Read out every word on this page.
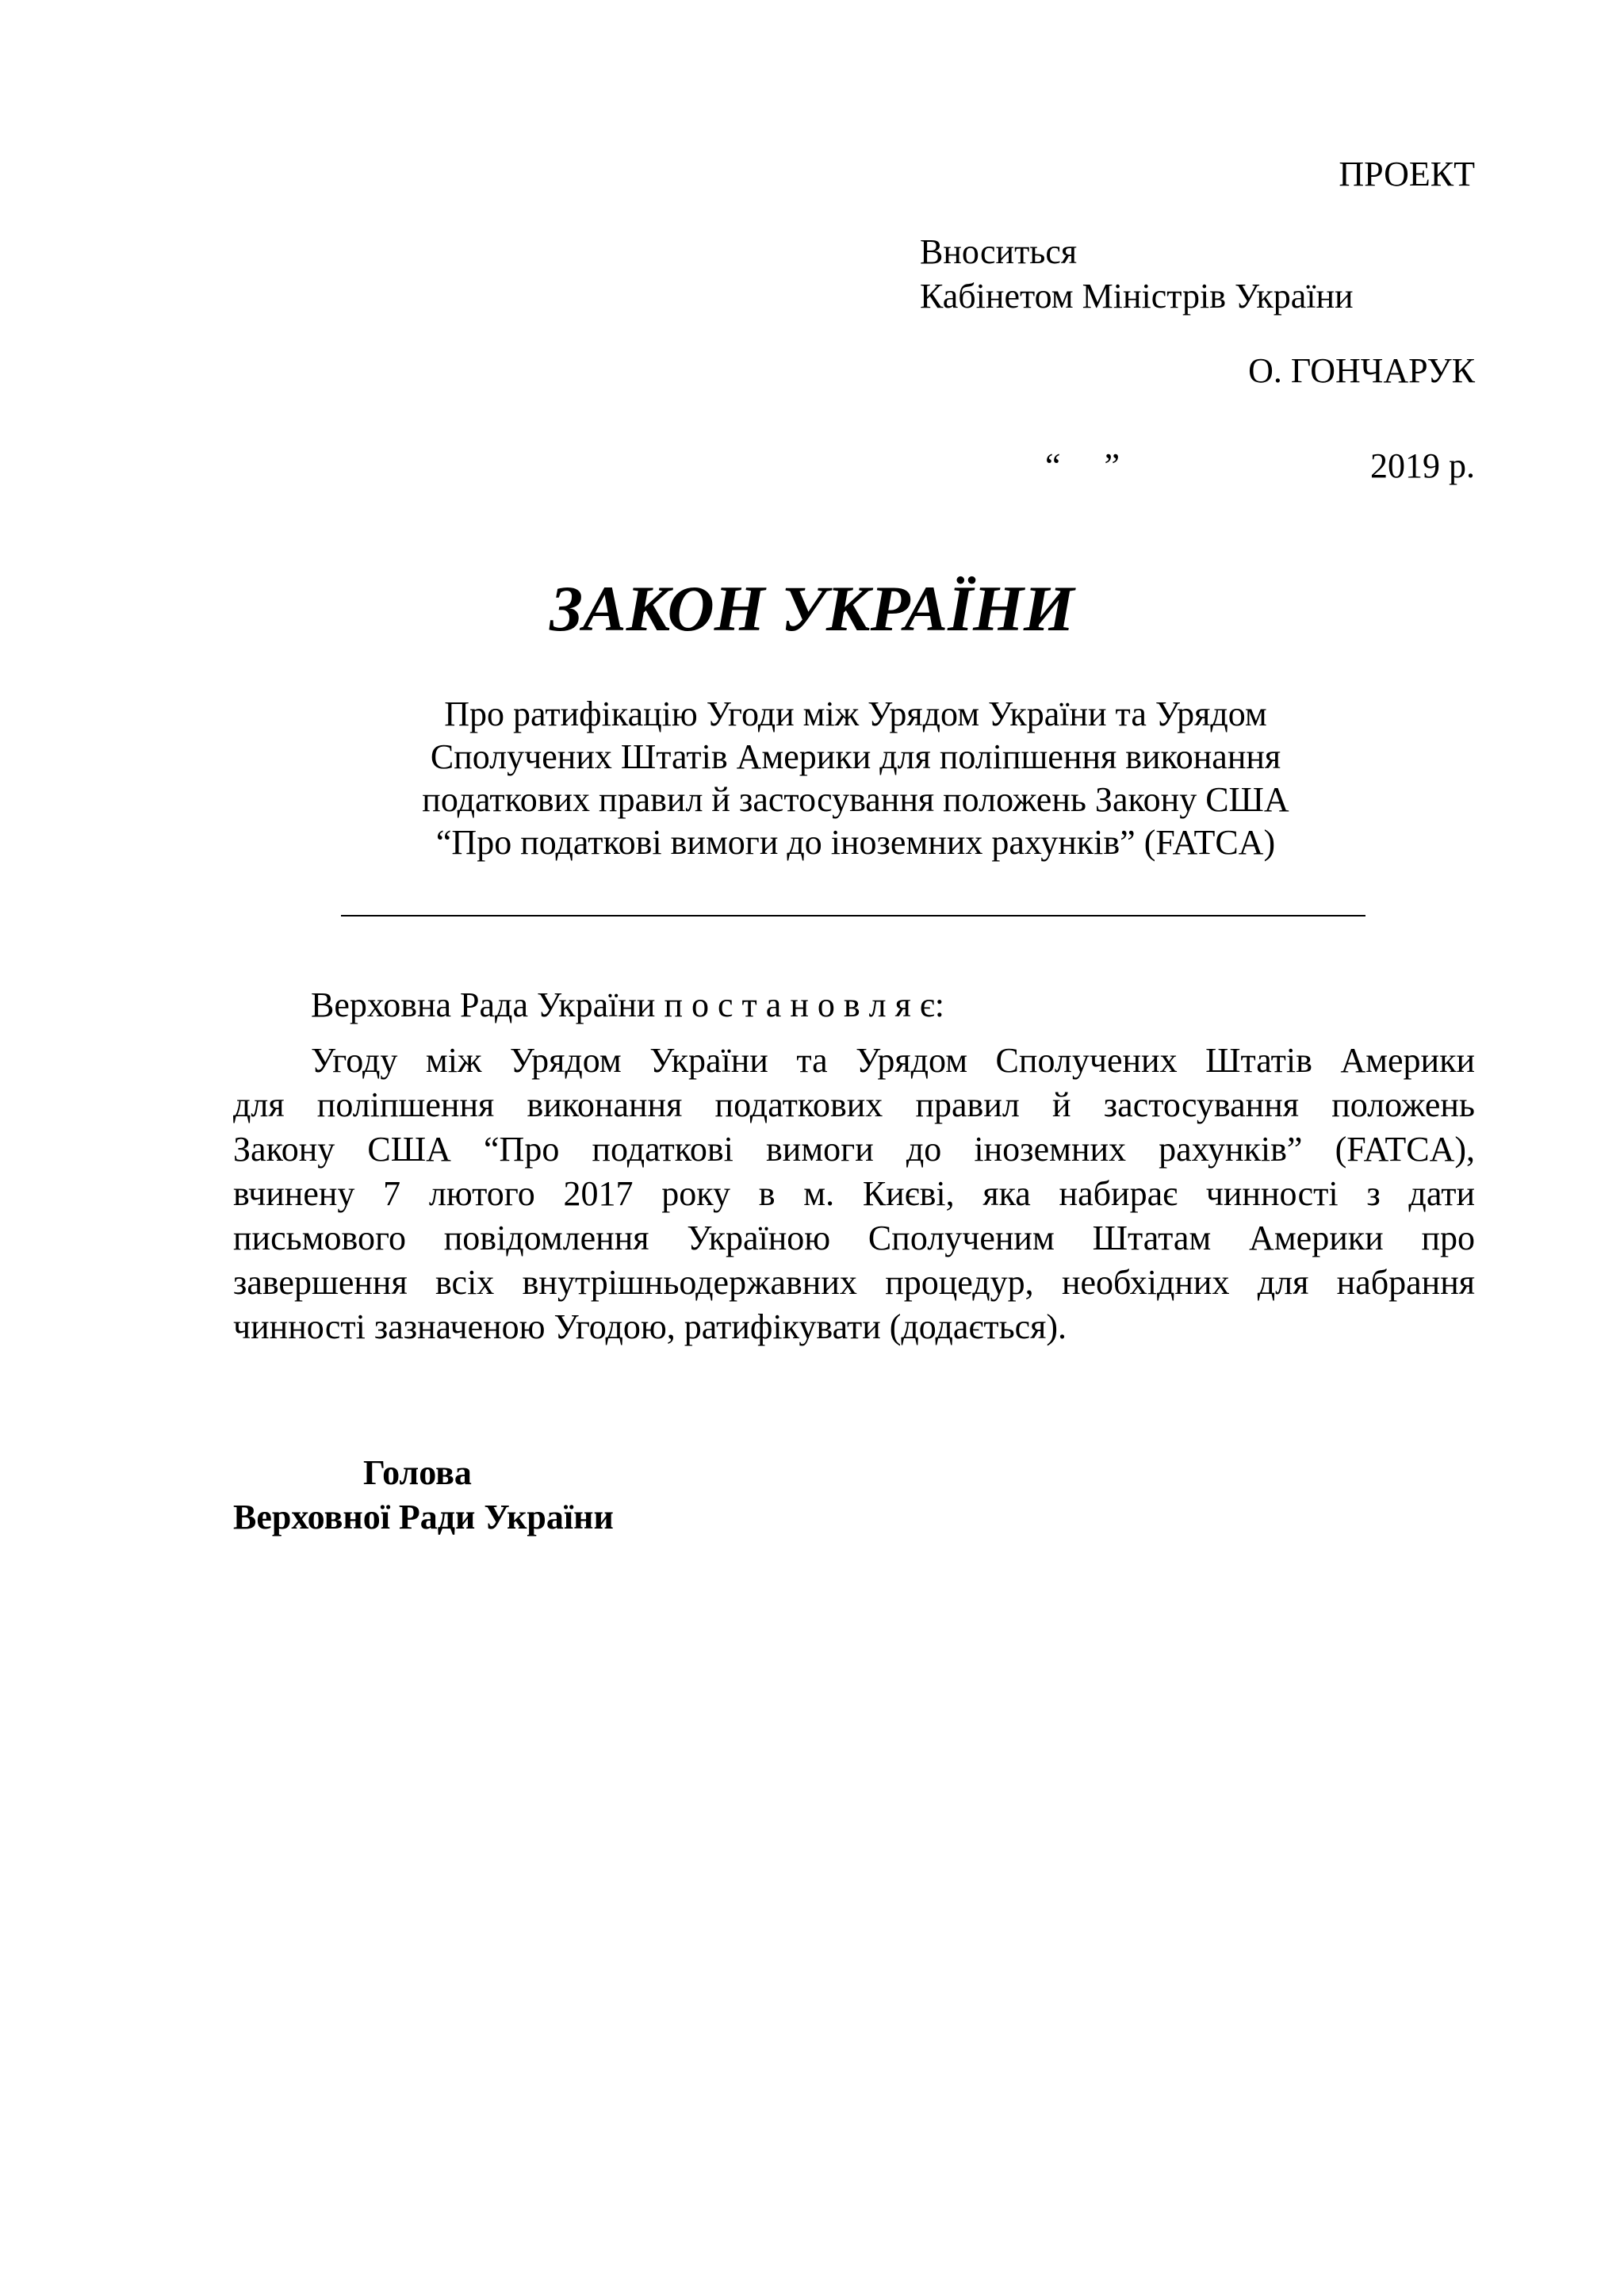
ПРОЕКТ
Вноситься
Кабінетом Міністрів України
О. ГОНЧАРУК
“     ”	2019 р.
ЗАКОН УКРАЇНИ
Про ратифікацію Угоди між Урядом України та Урядом
Сполучених Штатів Америки для поліпшення виконання
податкових правил й застосування положень Закону США
“Про податкові вимоги до іноземних рахунків” (FATCA)
Верховна Рада України п о с т а н о в л я є:
Угоду між Урядом України та Урядом Сполучених Штатів Америки
для поліпшення виконання податкових правил й застосування положень
Закону США “Про податкові вимоги до іноземних рахунків” (FATCA),
вчинену 7 лютого 2017 року в м. Києві, яка набирає чинності з дати
письмового повідомлення Україною Сполученим Штатам Америки про
завершення всіх внутрішньодержавних процедур, необхідних для набрання
чинності зазначеною Угодою, ратифікувати (додається).
Голова
Верховної Ради України
